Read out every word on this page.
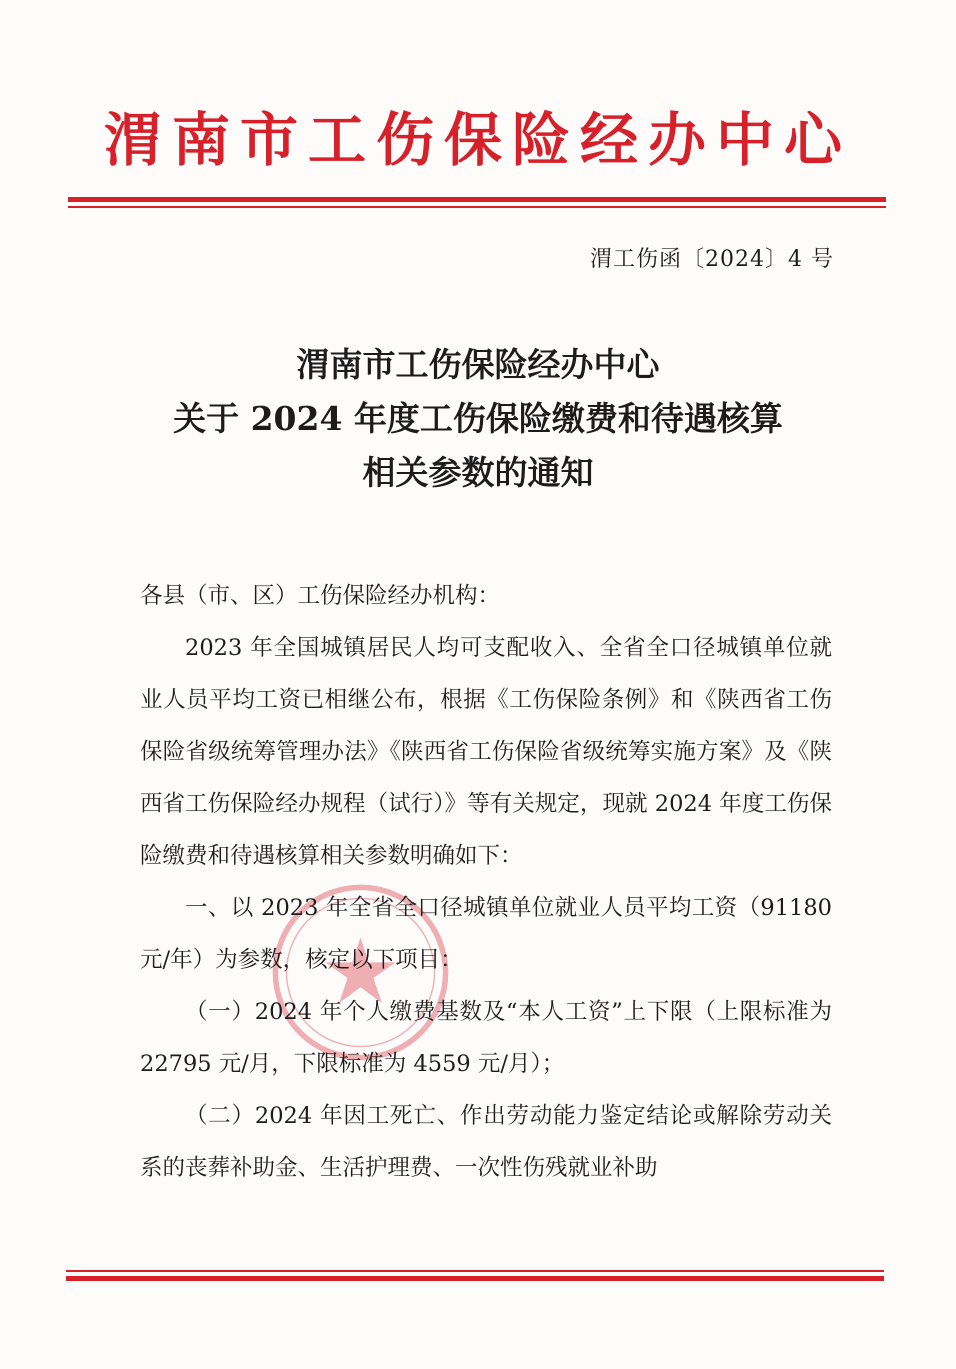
渭南市工伤保险经办中心
渭工伤函〔2024〕4 号
渭南市工伤保险经办中心
关于 2024 年度工伤保险缴费和待遇核算
相关参数的通知

各县（市、区）工伤保险经办机构：

2023 年全国城镇居民人均可支配收入、全省全口径城镇单位就业人员平均工资已相继公布，根据《工伤保险条例》和《陕西省工伤保险省级统筹管理办法》《陕西省工伤保险省级统筹实施方案》及《陕西省工伤保险经办规程（试行）》等有关规定，现就 2024 年度工伤保险缴费和待遇核算相关参数明确如下：

一、以 2023 年全省全口径城镇单位就业人员平均工资（91180 元/年）为参数，核定以下项目：

（一）2024 年个人缴费基数及“本人工资”上下限（上限标准为 22795 元/月，下限标准为 4559 元/月）；

（二）2024 年因工死亡、作出劳动能力鉴定结论或解除劳动关系的丧葬补助金、生活护理费、一次性伤残就业补助
